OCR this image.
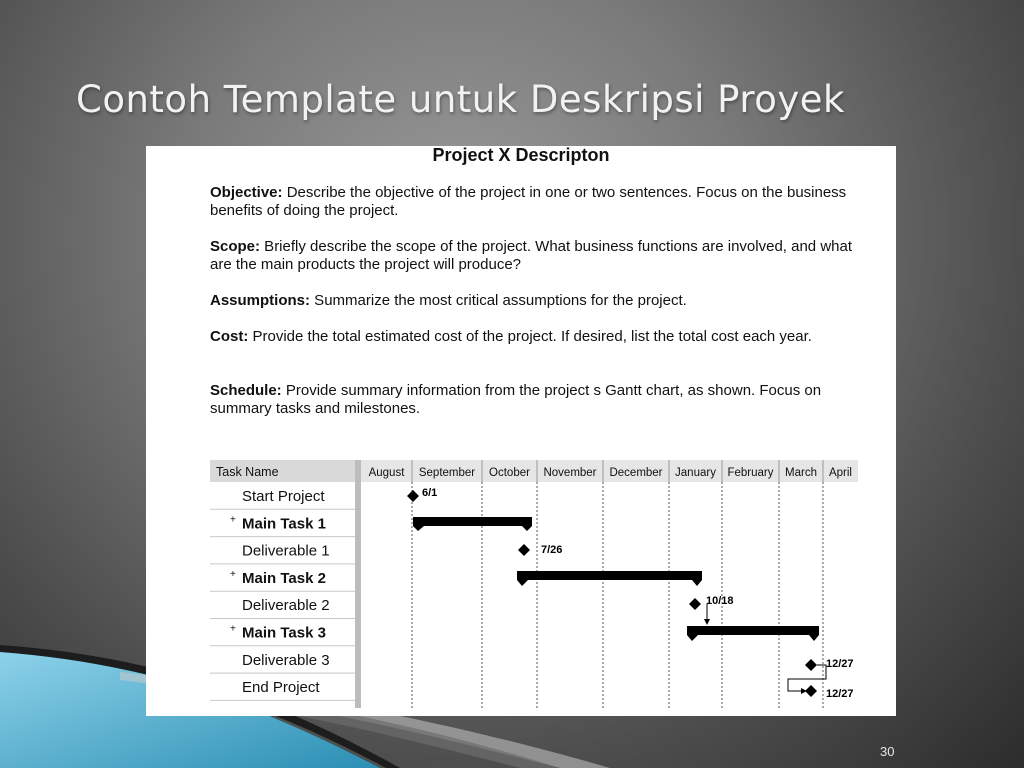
Contoh Template untuk Deskripsi Proyek
Project X Descripton
Objective: Describe the objective of the project in one or two sentences. Focus on the business benefits of doing the project.
Scope: Briefly describe the scope of the project. What business functions are involved, and what are the main products the project will produce?
Assumptions: Summarize the most critical assumptions for the project.
Cost: Provide the total estimated cost of the project. If desired, list the total cost each year.
Schedule: Provide summary information from the project s Gantt chart, as shown. Focus on summary tasks and milestones.
Task Name	August September October November December January February March April
Start Project
+ Main Task 1
Deliverable 1
+ Main Task 2
Deliverable 2
+ Main Task 3
Deliverable 3
End Project
6/1
7/26
10/18
12/27
12/27
30
